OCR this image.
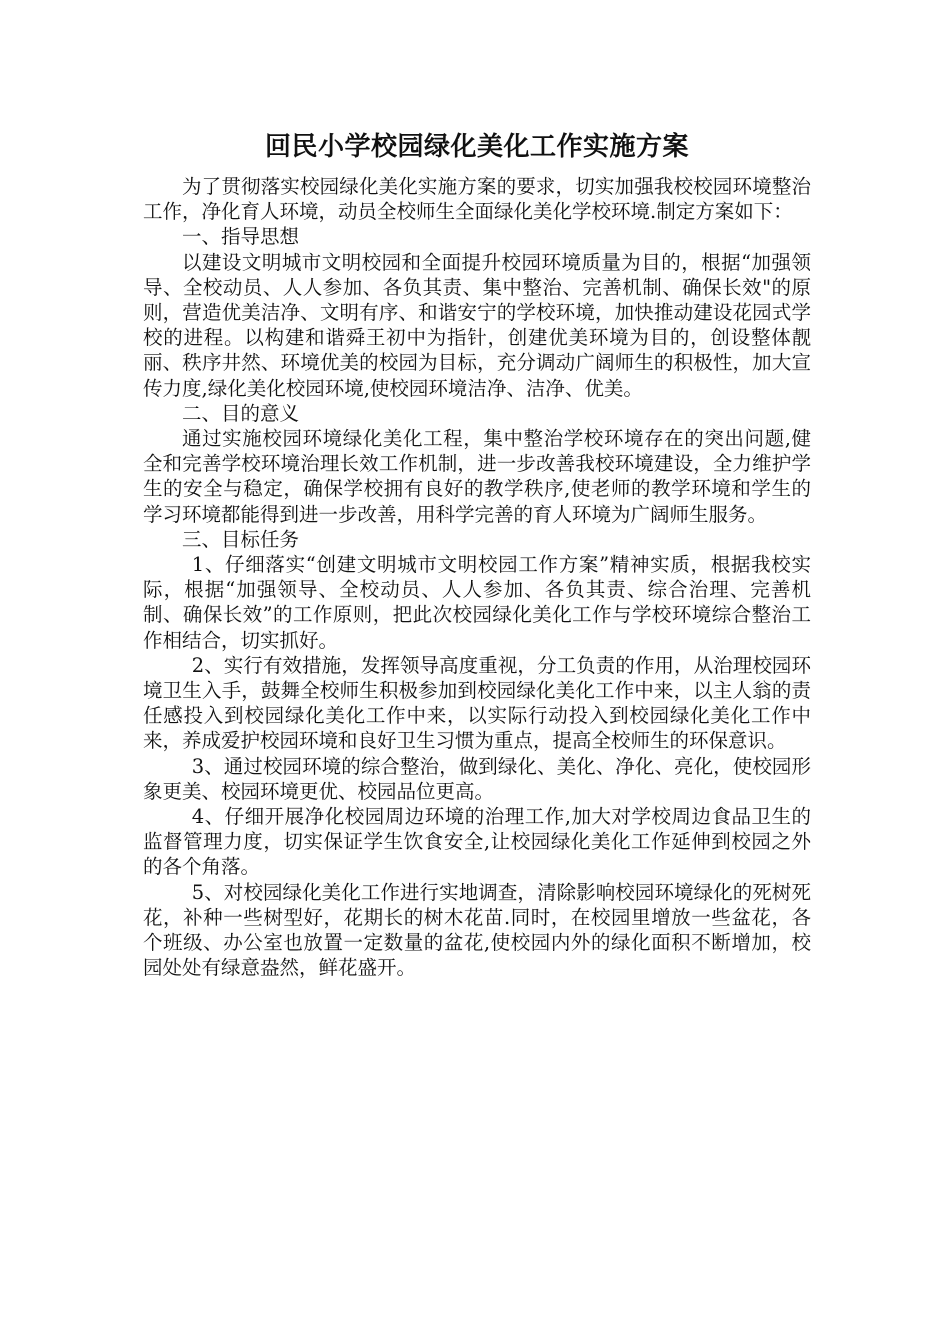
回民小学校园绿化美化工作实施方案

为了贯彻落实校园绿化美化实施方案的要求，切实加强我校校园环境整治工作，净化育人环境，动员全校师生全面绿化美化学校环境.制定方案如下：

一、指导思想

以建设文明城市文明校园和全面提升校园环境质量为目的，根据“加强领导、全校动员、人人参加、各负其责、集中整治、完善机制、确保长效"的原则，营造优美洁净、文明有序、和谐安宁的学校环境，加快推动建设花园式学校的进程。以构建和谐舜王初中为指针，创建优美环境为目的，创设整体靓丽、秩序井然、环境优美的校园为目标，充分调动广阔师生的积极性，加大宣传力度,绿化美化校园环境,使校园环境洁净、洁净、优美。

二、目的意义

通过实施校园环境绿化美化工程，集中整治学校环境存在的突出问题,健全和完善学校环境治理长效工作机制，进一步改善我校环境建设，全力维护学生的安全与稳定，确保学校拥有良好的教学秩序,使老师的教学环境和学生的学习环境都能得到进一步改善，用科学完善的育人环境为广阔师生服务。

三、目标任务

1、仔细落实“创建文明城市文明校园工作方案”精神实质，根据我校实际，根据“加强领导、全校动员、人人参加、各负其责、综合治理、完善机制、确保长效”的工作原则，把此次校园绿化美化工作与学校环境综合整治工作相结合，切实抓好。

2、实行有效措施，发挥领导高度重视，分工负责的作用，从治理校园环境卫生入手，鼓舞全校师生积极参加到校园绿化美化工作中来，以主人翁的责任感投入到校园绿化美化工作中来，以实际行动投入到校园绿化美化工作中来，养成爱护校园环境和良好卫生习惯为重点，提高全校师生的环保意识。

3、通过校园环境的综合整治，做到绿化、美化、净化、亮化，使校园形象更美、校园环境更优、校园品位更高。

4、仔细开展净化校园周边环境的治理工作,加大对学校周边食品卫生的监督管理力度，切实保证学生饮食安全,让校园绿化美化工作延伸到校园之外的各个角落。

5、对校园绿化美化工作进行实地调查，清除影响校园环境绿化的死树死花，补种一些树型好，花期长的树木花苗.同时，在校园里增放一些盆花，各个班级、办公室也放置一定数量的盆花,使校园内外的绿化面积不断增加，校园处处有绿意盎然，鲜花盛开。
